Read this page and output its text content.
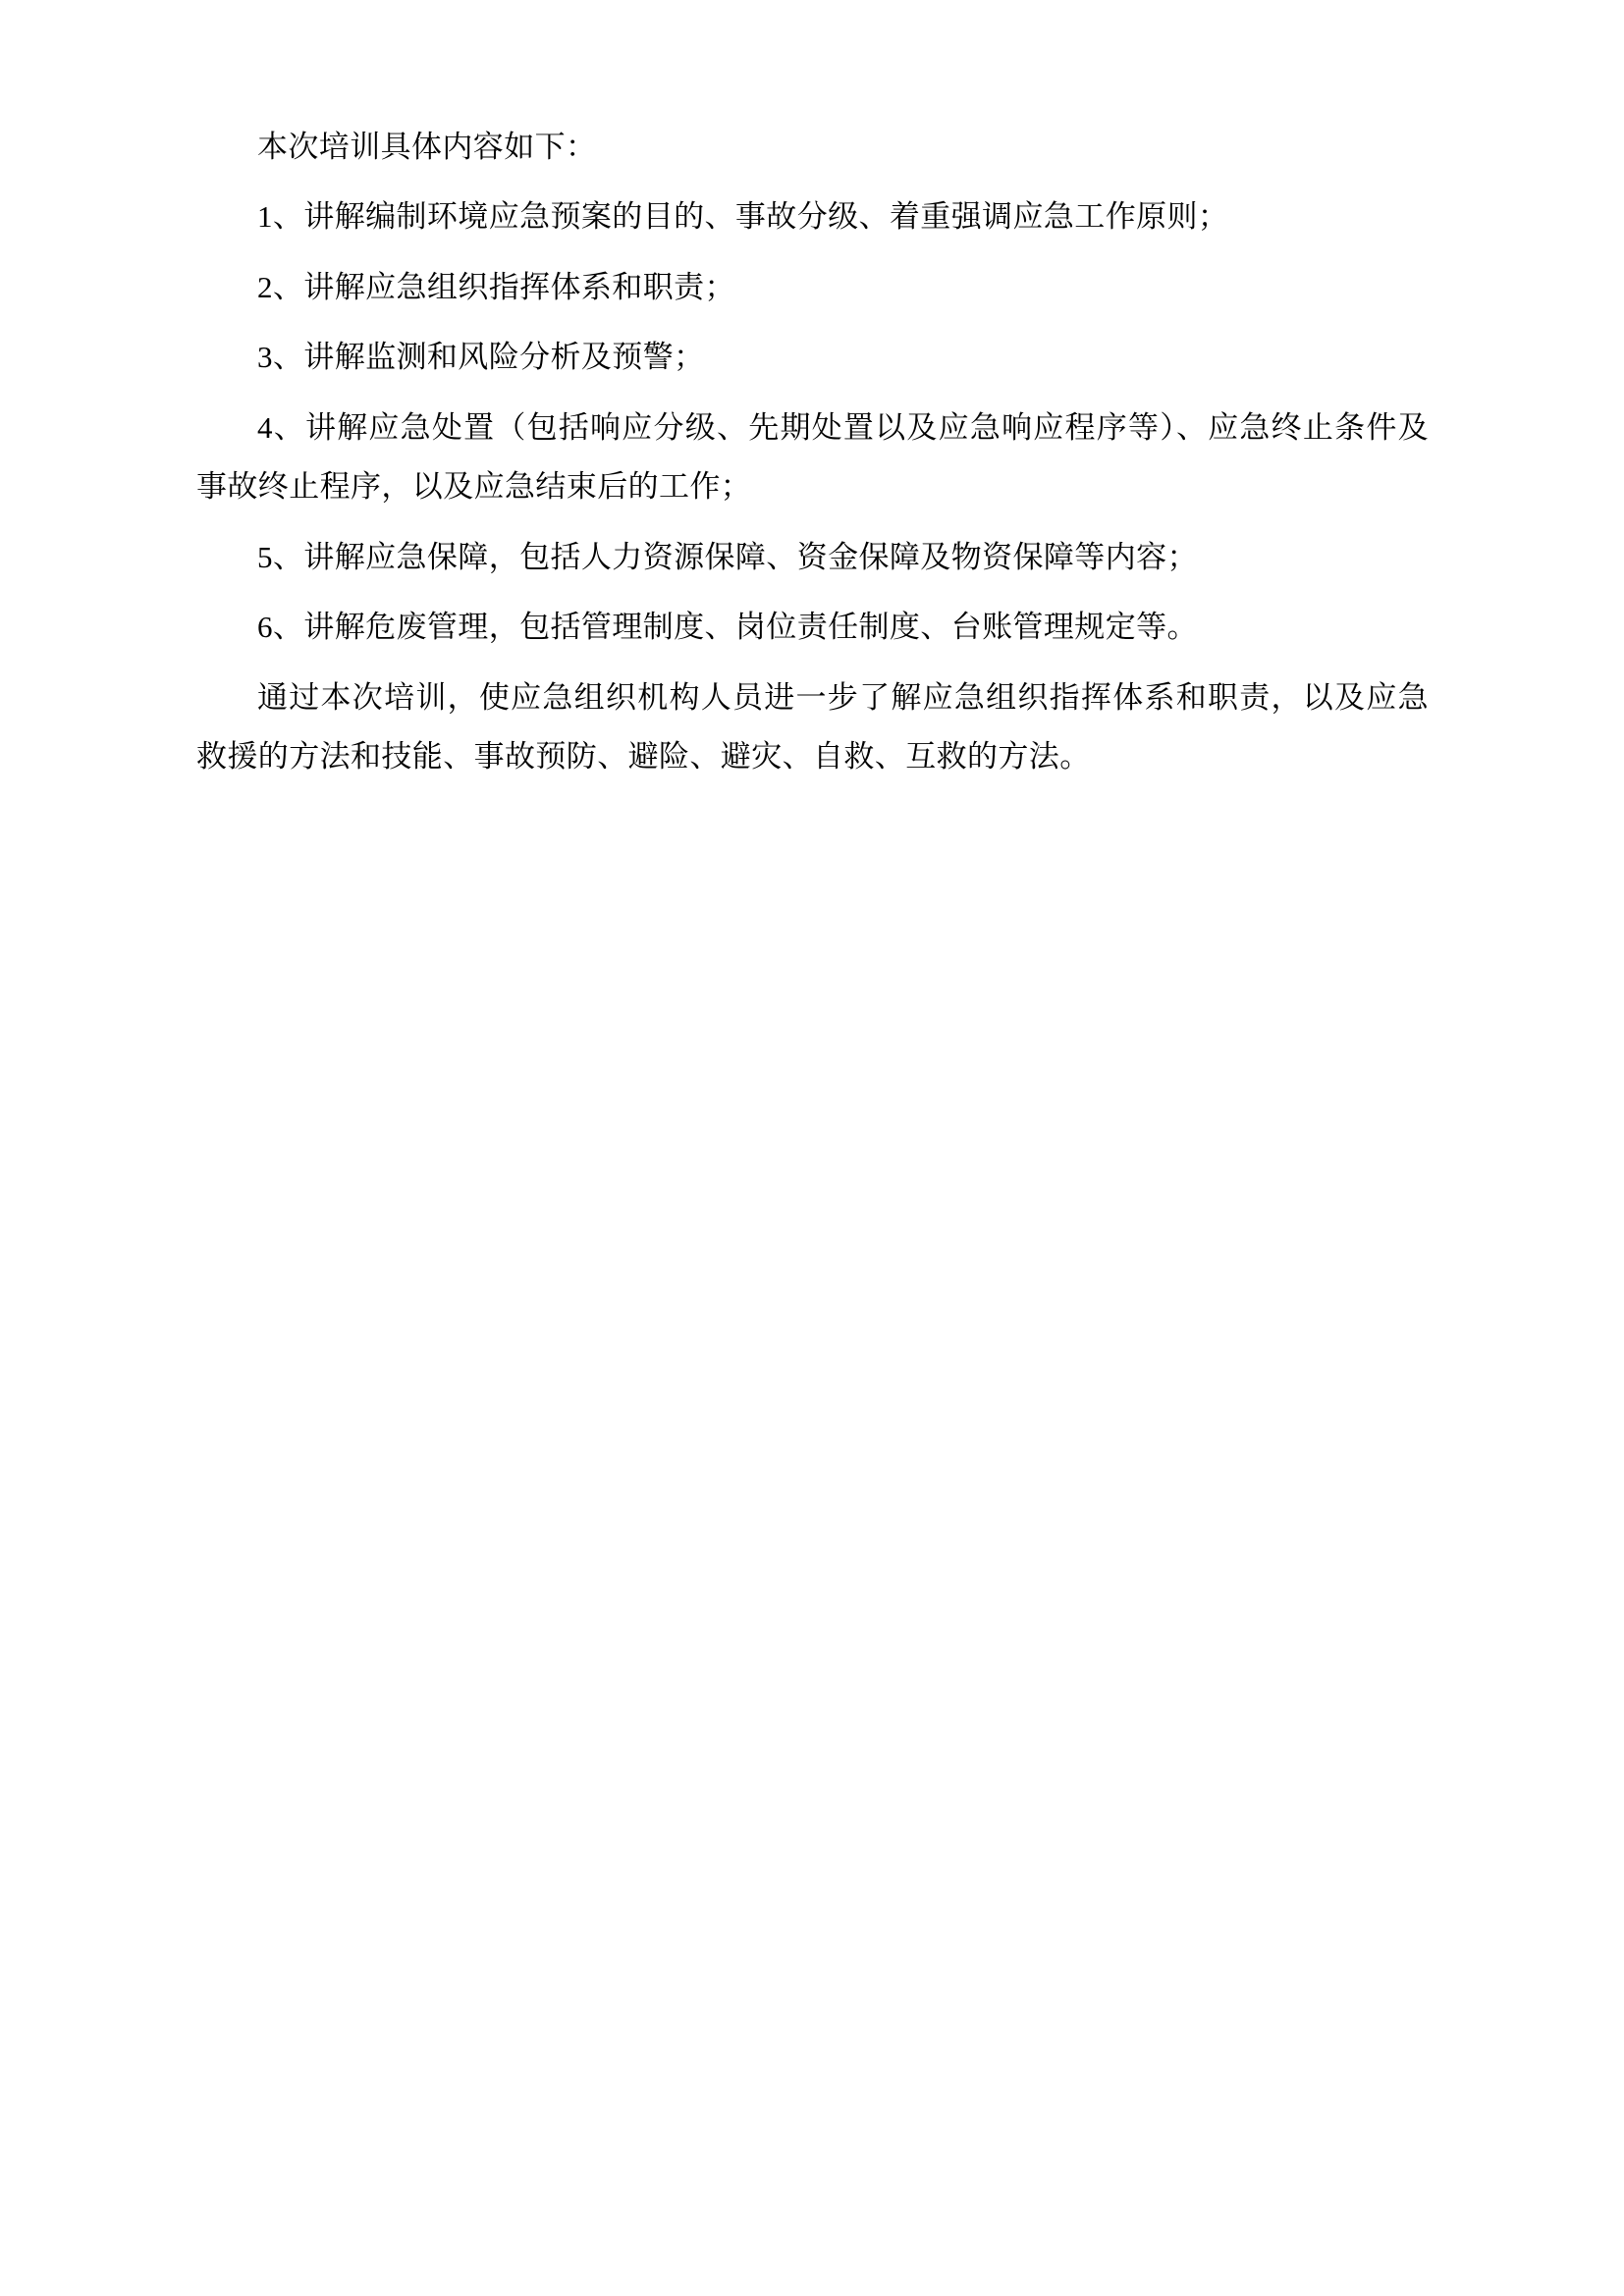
本次培训具体内容如下：

1、讲解编制环境应急预案的目的、事故分级、着重强调应急工作原则；

2、讲解应急组织指挥体系和职责；

3、讲解监测和风险分析及预警；

4、讲解应急处置（包括响应分级、先期处置以及应急响应程序等）、应急终止条件及事故终止程序，以及应急结束后的工作；

5、讲解应急保障，包括人力资源保障、资金保障及物资保障等内容；

6、讲解危废管理，包括管理制度、岗位责任制度、台账管理规定等。

通过本次培训，使应急组织机构人员进一步了解应急组织指挥体系和职责，以及应急救援的方法和技能、事故预防、避险、避灾、自救、互救的方法。
